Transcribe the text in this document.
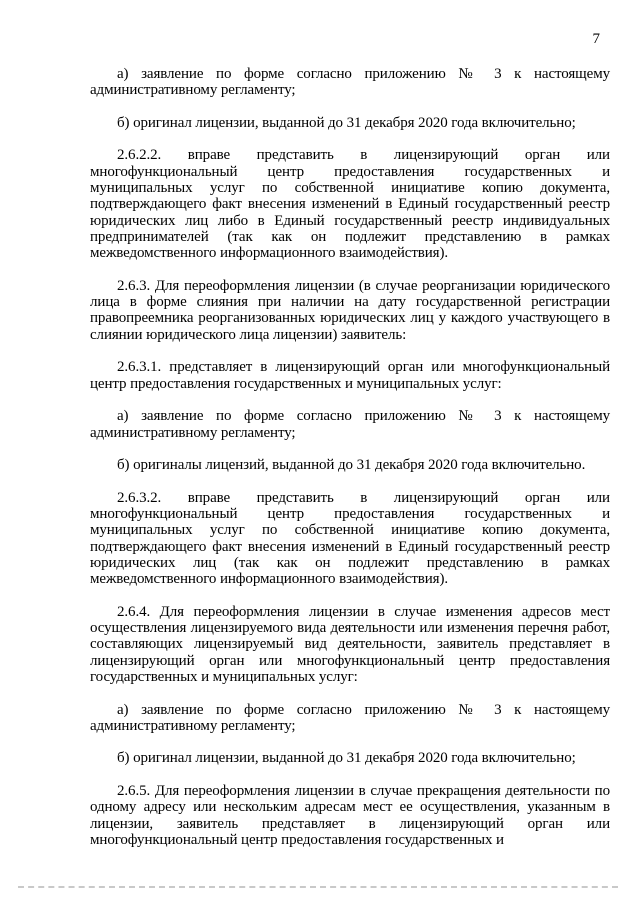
7

а) заявление по форме согласно приложению № 3 к настоящему административному регламенту;

б) оригинал лицензии, выданной до 31 декабря 2020 года включительно;

2.6.2.2. вправе представить в лицензирующий орган или многофункциональный центр предоставления государственных и муниципальных услуг по собственной инициативе копию документа, подтверждающего факт внесения изменений в Единый государственный реестр юридических лиц либо в Единый государственный реестр индивидуальных предпринимателей (так как он подлежит представлению в рамках межведомственного информационного взаимодействия).

2.6.3. Для переоформления лицензии (в случае реорганизации юридического лица в форме слияния при наличии на дату государственной регистрации правопреемника реорганизованных юридических лиц у каждого участвующего в слиянии юридического лица лицензии) заявитель:

2.6.3.1. представляет в лицензирующий орган или многофункциональный центр предоставления государственных и муниципальных услуг:

а) заявление по форме согласно приложению № 3 к настоящему административному регламенту;

б) оригиналы лицензий, выданной до 31 декабря 2020 года включительно.

2.6.3.2. вправе представить в лицензирующий орган или многофункциональный центр предоставления государственных и муниципальных услуг по собственной инициативе копию документа, подтверждающего факт внесения изменений в Единый государственный реестр юридических лиц (так как он подлежит представлению в рамках межведомственного информационного взаимодействия).

2.6.4. Для переоформления лицензии в случае изменения адресов мест осуществления лицензируемого вида деятельности или изменения перечня работ, составляющих лицензируемый вид деятельности, заявитель представляет в лицензирующий орган или многофункциональный центр предоставления государственных и муниципальных услуг:

а) заявление по форме согласно приложению № 3 к настоящему административному регламенту;

б) оригинал лицензии, выданной до 31 декабря 2020 года включительно;

2.6.5. Для переоформления лицензии в случае прекращения деятельности по одному адресу или нескольким адресам мест ее осуществления, указанным в лицензии, заявитель представляет в лицензирующий орган или многофункциональный центр предоставления государственных и
